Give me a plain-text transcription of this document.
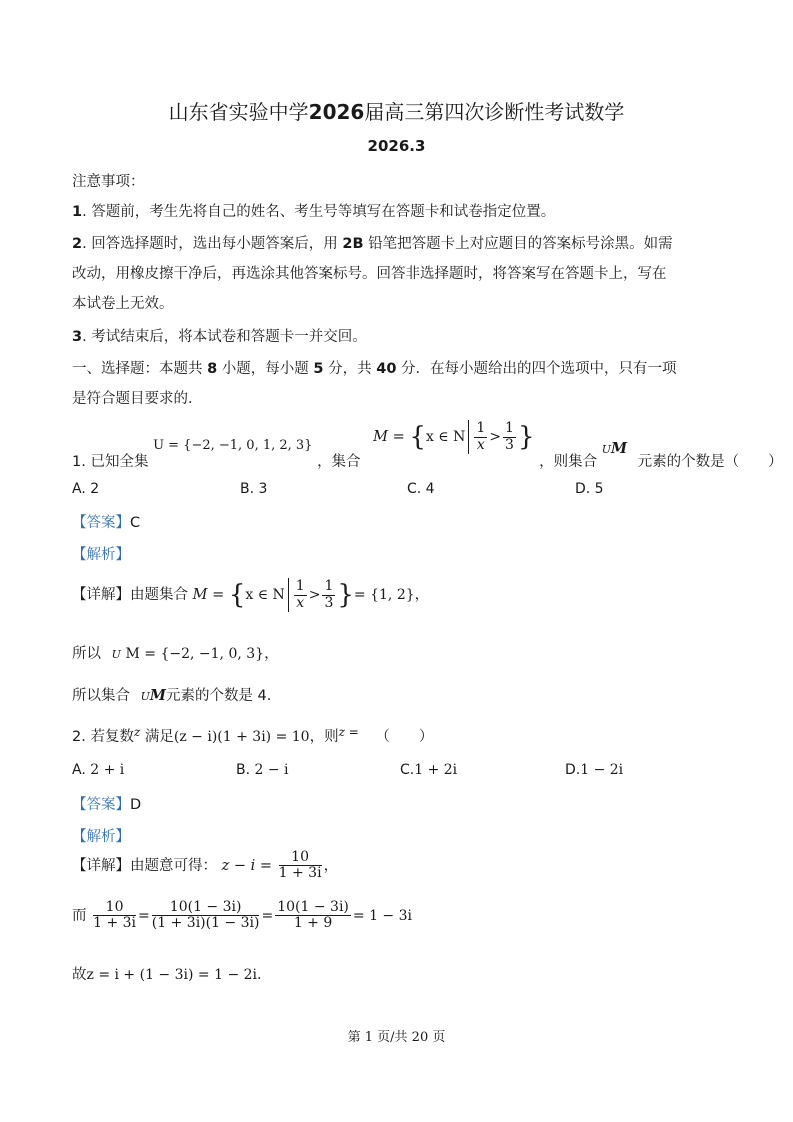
山东省实验中学2026届高三第四次诊断性考试数学
2026.3
注意事项：
1. 答题前，考生先将自己的姓名、考生号等填写在答题卡和试卷指定位置。
2. 回答选择题时，选出每小题答案后，用 2B 铅笔把答题卡上对应题目的答案标号涂黑。如需
改动，用橡皮擦干净后，再选涂其他答案标号。回答非选择题时，将答案写在答题卡上，写在
本试卷上无效。
3. 考试结束后，将本试卷和答题卡一并交回。
一、选择题：本题共 8 小题，每小题 5 分，共 40 分．在每小题给出的四个选项中，只有一项
是符合题目要求的．
1. 已知全集 U = {−2, −1, 0, 1, 2, 3} ，集合 M = {x ∈ N $\frac{1}{x} > \frac{1}{3}$ } ，则集合 UM 元素的个数是（　　）
A. 2	B. 3	C. 4	D. 5
【答案】C
【解析】
【详解】由题集合 M = {x ∈ N $\frac{1}{x} > \frac{1}{3}$ }= {1, 2}，
所以 U M = {−2, −1, 0, 3}，
所以集合 UM元素的个数是 4.
2. 若复数$^z$ 满足(z − i)(1 + 3i) = 10，则$^{z =}$ （　　）
A. 2 + i	B. 2 − i	C.1 + 2i	D.1 − 2i
【答案】D
【解析】
【详解】由题意可得： $z - i = \frac{10}{1 + 3i}$ ，
而 $\frac{10}{1 + 3i} = \frac{10(1 - 3i)}{(1 + 3i)(1 - 3i)} = \frac{10(1 - 3i)}{1 + 9} = 1 - 3i$
故z = i + (1 − 3i) = 1 − 2i．
第 1 页/共 20 页
